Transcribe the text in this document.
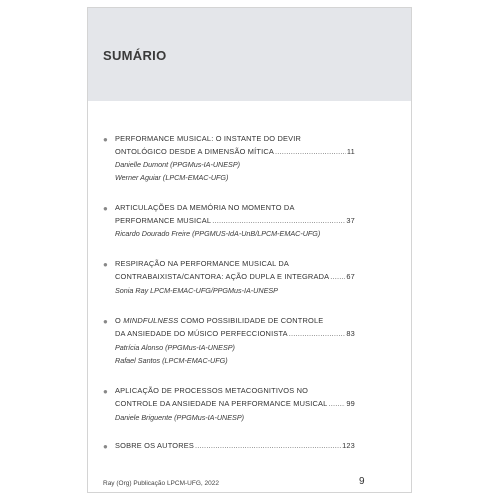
SUMÁRIO
● PERFORMANCE MUSICAL: O INSTANTE DO DEVIR
ONTOLÓGICO DESDE A DIMENSÃO MÍTICA .....	11
Danielle Dumont (PPGMus-IA-UNESP)
Werner Aguiar (LPCM-EMAC-UFG)
● ARTICULAÇÕES DA MEMÓRIA NO MOMENTO DA
PERFORMANCE MUSICAL .....	37
Ricardo Dourado Freire (PPGMUS-IdA-UnB/LPCM-EMAC-UFG)
● RESPIRAÇÃO NA PERFORMANCE MUSICAL DA
CONTRABAIXISTA/CANTORA: AÇÃO DUPLA E INTEGRADA ..... 67
Sonia Ray LPCM-EMAC-UFG/PPGMus-IA-UNESP
● O MINDFULNESS COMO POSSIBILIDADE DE CONTROLE
DA ANSIEDADE DO MÚSICO PERFECCIONISTA .....	83
Patrícia Alonso (PPGMus-IA-UNESP)
Rafael Santos (LPCM-EMAC-UFG)
● APLICAÇÃO DE PROCESSOS METACOGNITIVOS NO
CONTROLE DA ANSIEDADE NA PERFORMANCE MUSICAL .....	99
Daniele Briguente (PPGMus-IA-UNESP)
● SOBRE OS AUTORES .....	123
Ray (Org) Publicação LPCM-UFG, 2022	9
